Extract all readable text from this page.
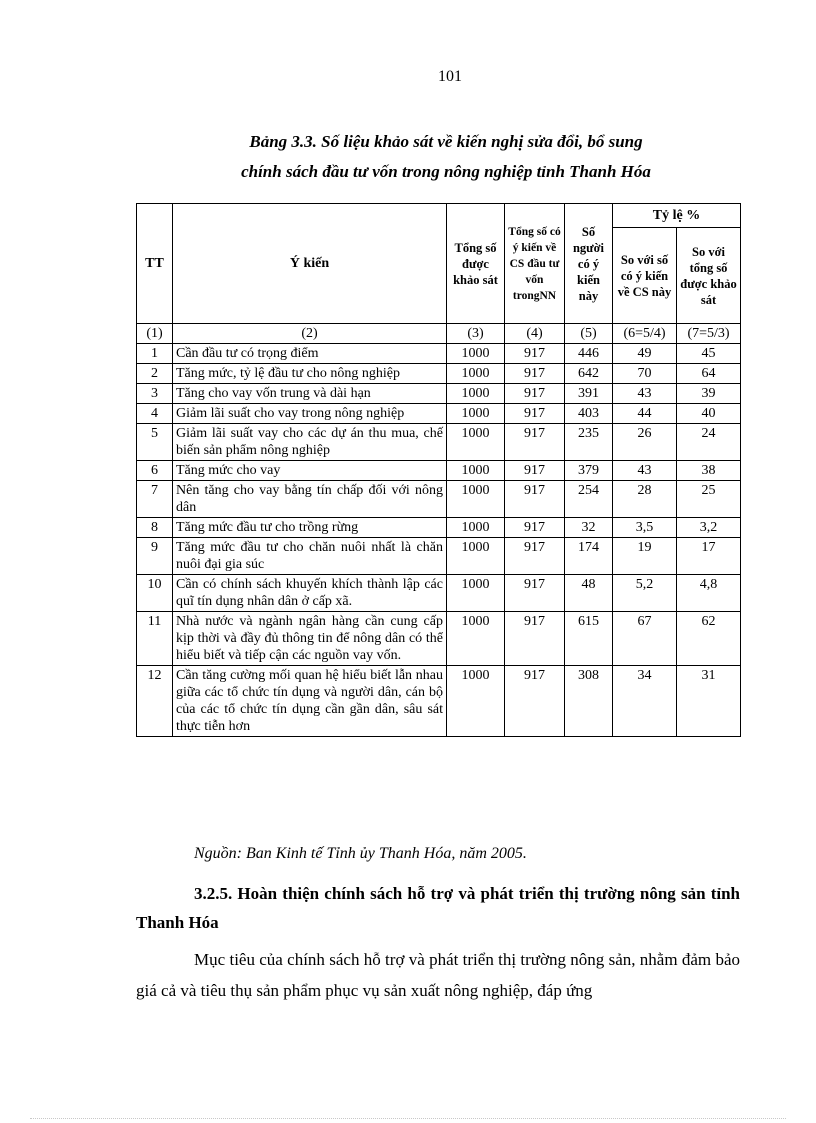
101
Bảng 3.3. Số liệu khảo sát về kiến nghị sửa đổi, bổ sung
chính sách đầu tư vốn trong nông nghiệp tỉnh Thanh Hóa
TT	Ý kiến	Tổng số được khảo sát	Tổng số có ý kiến về CS đầu tư vốn trongNN	Số người có ý kiến này	Tỷ lệ %	
					So với số có ý kiến về CS này	So với tổng số được khảo sát
(1)	(2)	(3)	(4)	(5)	(6=5/4)	(7=5/3)
1	Cần đầu tư có trọng điểm	1000	917	446	49	45
2	Tăng mức, tỷ lệ đầu tư cho nông nghiệp	1000	917	642	70	64
3	Tăng cho vay vốn trung và dài hạn	1000	917	391	43	39
4	Giảm lãi suất cho vay trong nông nghiệp	1000	917	403	44	40
5	Giảm lãi suất vay cho các dự án thu mua, chế biến sản phẩm nông nghiệp	1000	917	235	26	24
6	Tăng mức cho vay	1000	917	379	43	38
7	Nên tăng cho vay bằng tín chấp đối với nông dân	1000	917	254	28	25
8	Tăng mức đầu tư cho trồng rừng	1000	917	32	3,5	3,2
9	Tăng mức đầu tư cho chăn nuôi nhất là chăn nuôi đại gia súc	1000	917	174	19	17
10	Cần có chính sách khuyến khích thành lập các quĩ tín dụng nhân dân ở cấp xã.	1000	917	48	5,2	4,8
11	Nhà nước và ngành ngân hàng cần cung cấp kịp thời và đầy đủ thông tin để nông dân có thể hiểu biết và tiếp cận các nguồn vay vốn.	1000	917	615	67	62
12	Cần tăng cường mối quan hệ hiểu biết lẫn nhau giữa các tổ chức tín dụng và người dân, cán bộ của các tổ chức tín dụng cần gần dân, sâu sát thực tiễn hơn	1000	917	308	34	31
Nguồn: Ban Kinh tế Tỉnh ủy Thanh Hóa, năm 2005.
3.2.5. Hoàn thiện chính sách hỗ trợ và phát triển thị trường nông sản tỉnh Thanh Hóa
Mục tiêu của chính sách hỗ trợ và phát triển thị trường nông sản, nhằm đảm bảo giá cả và tiêu thụ sản phẩm phục vụ sản xuất nông nghiệp, đáp ứng
